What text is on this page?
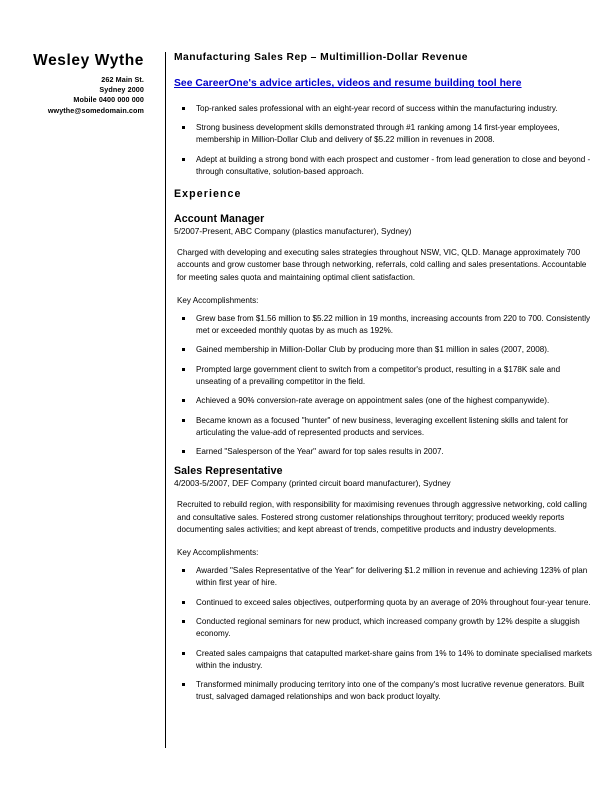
Wesley Wythe
262 Main St.
Sydney 2000
Mobile 0400 000 000
wwythe@somedomain.com
Manufacturing Sales Rep – Multimillion-Dollar Revenue
See CareerOne's advice articles, videos and resume building tool here
Top-ranked sales professional with an eight-year record of success within the manufacturing industry.
Strong business development skills demonstrated through #1 ranking among 14 first-year employees, membership in Million-Dollar Club and delivery of $5.22 million in revenues in 2008.
Adept at building a strong bond with each prospect and customer - from lead generation to close and beyond - through consultative, solution-based approach.
Experience
Account Manager
5/2007-Present, ABC Company (plastics manufacturer), Sydney)
Charged with developing and executing sales strategies throughout NSW, VIC, QLD. Manage approximately 700 accounts and grow customer base through networking, referrals, cold calling and sales presentations. Accountable for meeting sales quota and maintaining optimal client satisfaction.
Key Accomplishments:
Grew base from $1.56 million to $5.22 million in 19 months, increasing accounts from 220 to 700. Consistently met or exceeded monthly quotas by as much as 192%.
Gained membership in Million-Dollar Club by producing more than $1 million in sales (2007, 2008).
Prompted large government client to switch from a competitor's product, resulting in a $178K sale and unseating of a prevailing competitor in the field.
Achieved a 90% conversion-rate average on appointment sales (one of the highest companywide).
Became known as a focused "hunter" of new business, leveraging excellent listening skills and talent for articulating the value-add of represented products and services.
Earned "Salesperson of the Year" award for top sales results in 2007.
Sales Representative
4/2003-5/2007, DEF Company (printed circuit board manufacturer), Sydney
Recruited to rebuild region, with responsibility for maximising revenues through aggressive networking, cold calling and consultative sales. Fostered strong customer relationships throughout territory; produced weekly reports documenting sales activities; and kept abreast of trends, competitive products and industry developments.
Key Accomplishments:
Awarded "Sales Representative of the Year" for delivering $1.2 million in revenue and achieving 123% of plan within first year of hire.
Continued to exceed sales objectives, outperforming quota by an average of 20% throughout four-year tenure.
Conducted regional seminars for new product, which increased company growth by 12% despite a sluggish economy.
Created sales campaigns that catapulted market-share gains from 1% to 14% to dominate specialised markets within the industry.
Transformed minimally producing territory into one of the company's most lucrative revenue generators. Built trust, salvaged damaged relationships and won back product loyalty.
